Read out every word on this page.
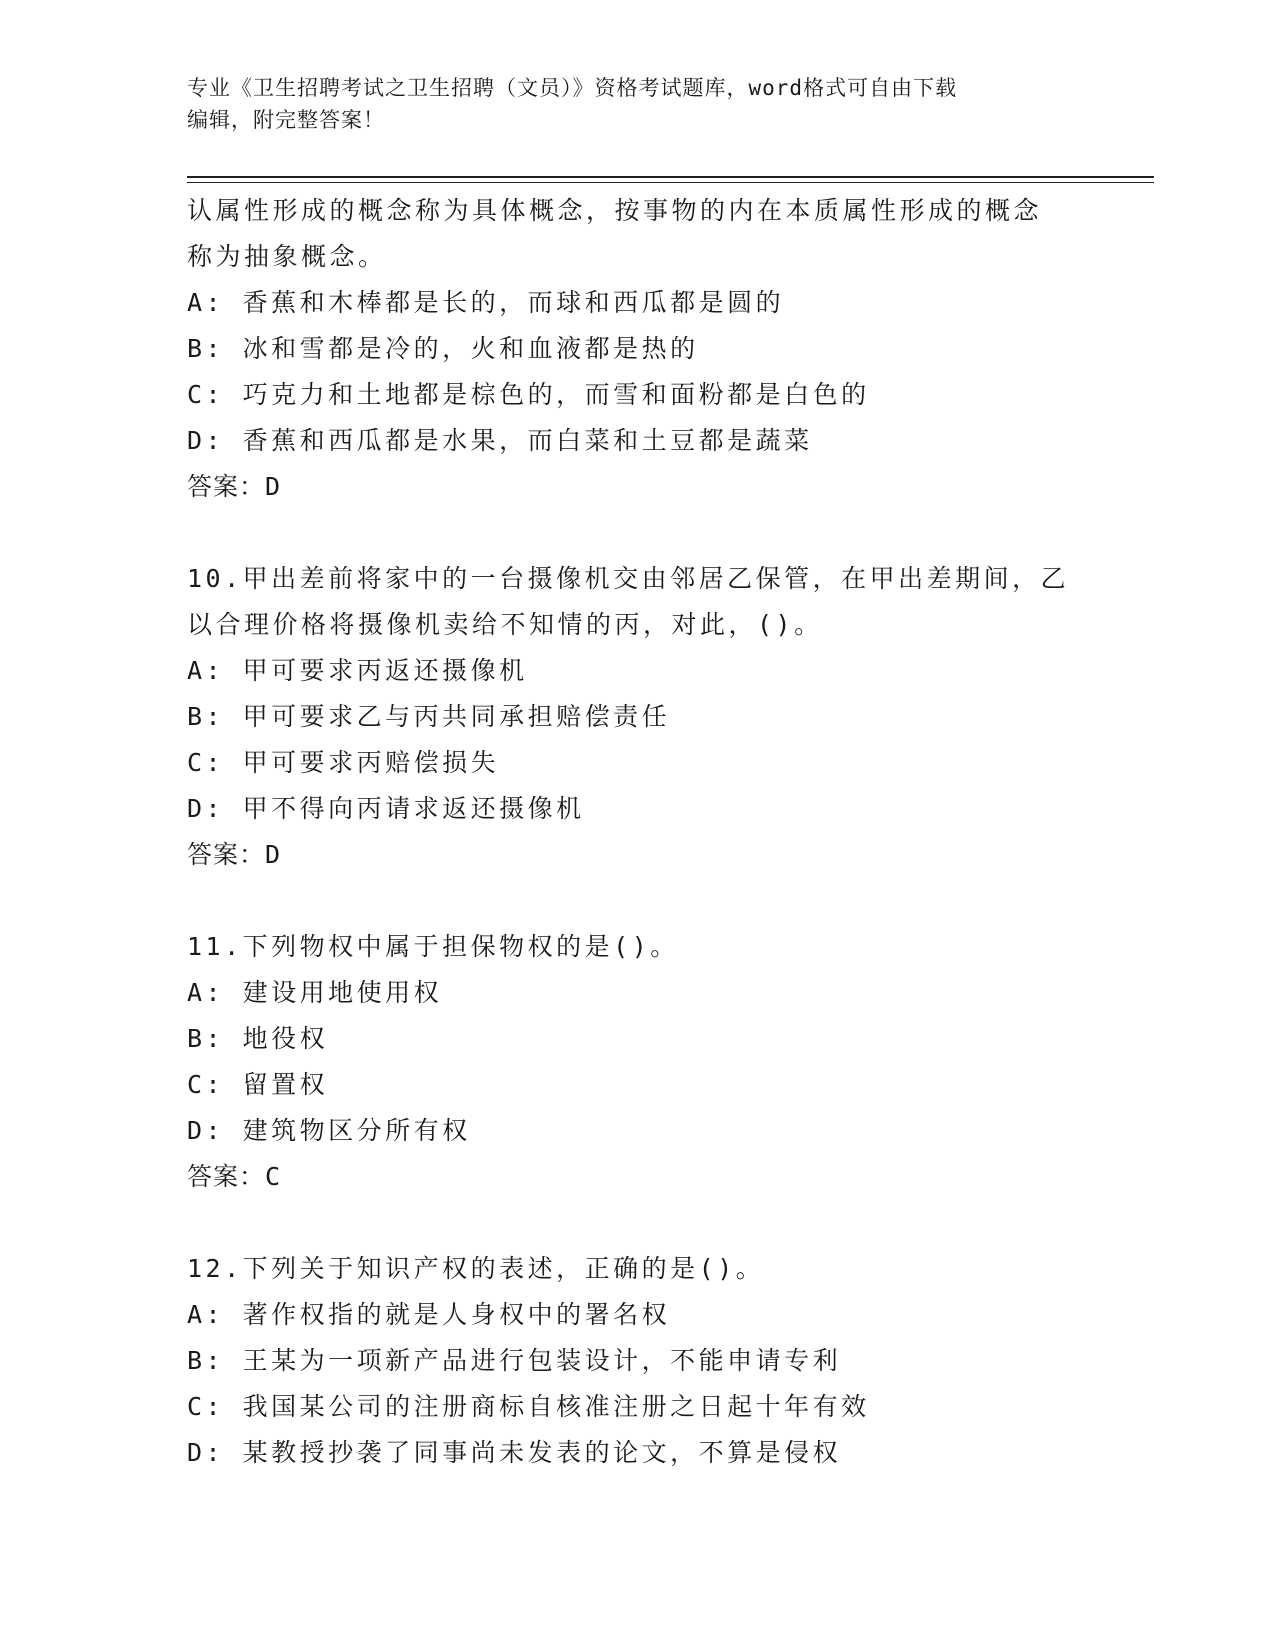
专业《卫生招聘考试之卫生招聘（文员）》资格考试题库，word格式可自由下载
编辑，附完整答案！
认属性形成的概念称为具体概念，按事物的内在本质属性形成的概念
称为抽象概念。
A: 香蕉和木棒都是长的，而球和西瓜都是圆的
B: 冰和雪都是冷的，火和血液都是热的
C: 巧克力和土地都是棕色的，而雪和面粉都是白色的
D: 香蕉和西瓜都是水果，而白菜和土豆都是蔬菜
答案：D
10.甲出差前将家中的一台摄像机交由邻居乙保管，在甲出差期间，乙
以合理价格将摄像机卖给不知情的丙，对此，()。
A: 甲可要求丙返还摄像机
B: 甲可要求乙与丙共同承担赔偿责任
C: 甲可要求丙赔偿损失
D: 甲不得向丙请求返还摄像机
答案：D
11.下列物权中属于担保物权的是()。
A: 建设用地使用权
B: 地役权
C: 留置权
D: 建筑物区分所有权
答案：C
12.下列关于知识产权的表述，正确的是()。
A: 著作权指的就是人身权中的署名权
B: 王某为一项新产品进行包装设计，不能申请专利
C: 我国某公司的注册商标自核准注册之日起十年有效
D: 某教授抄袭了同事尚未发表的论文，不算是侵权
